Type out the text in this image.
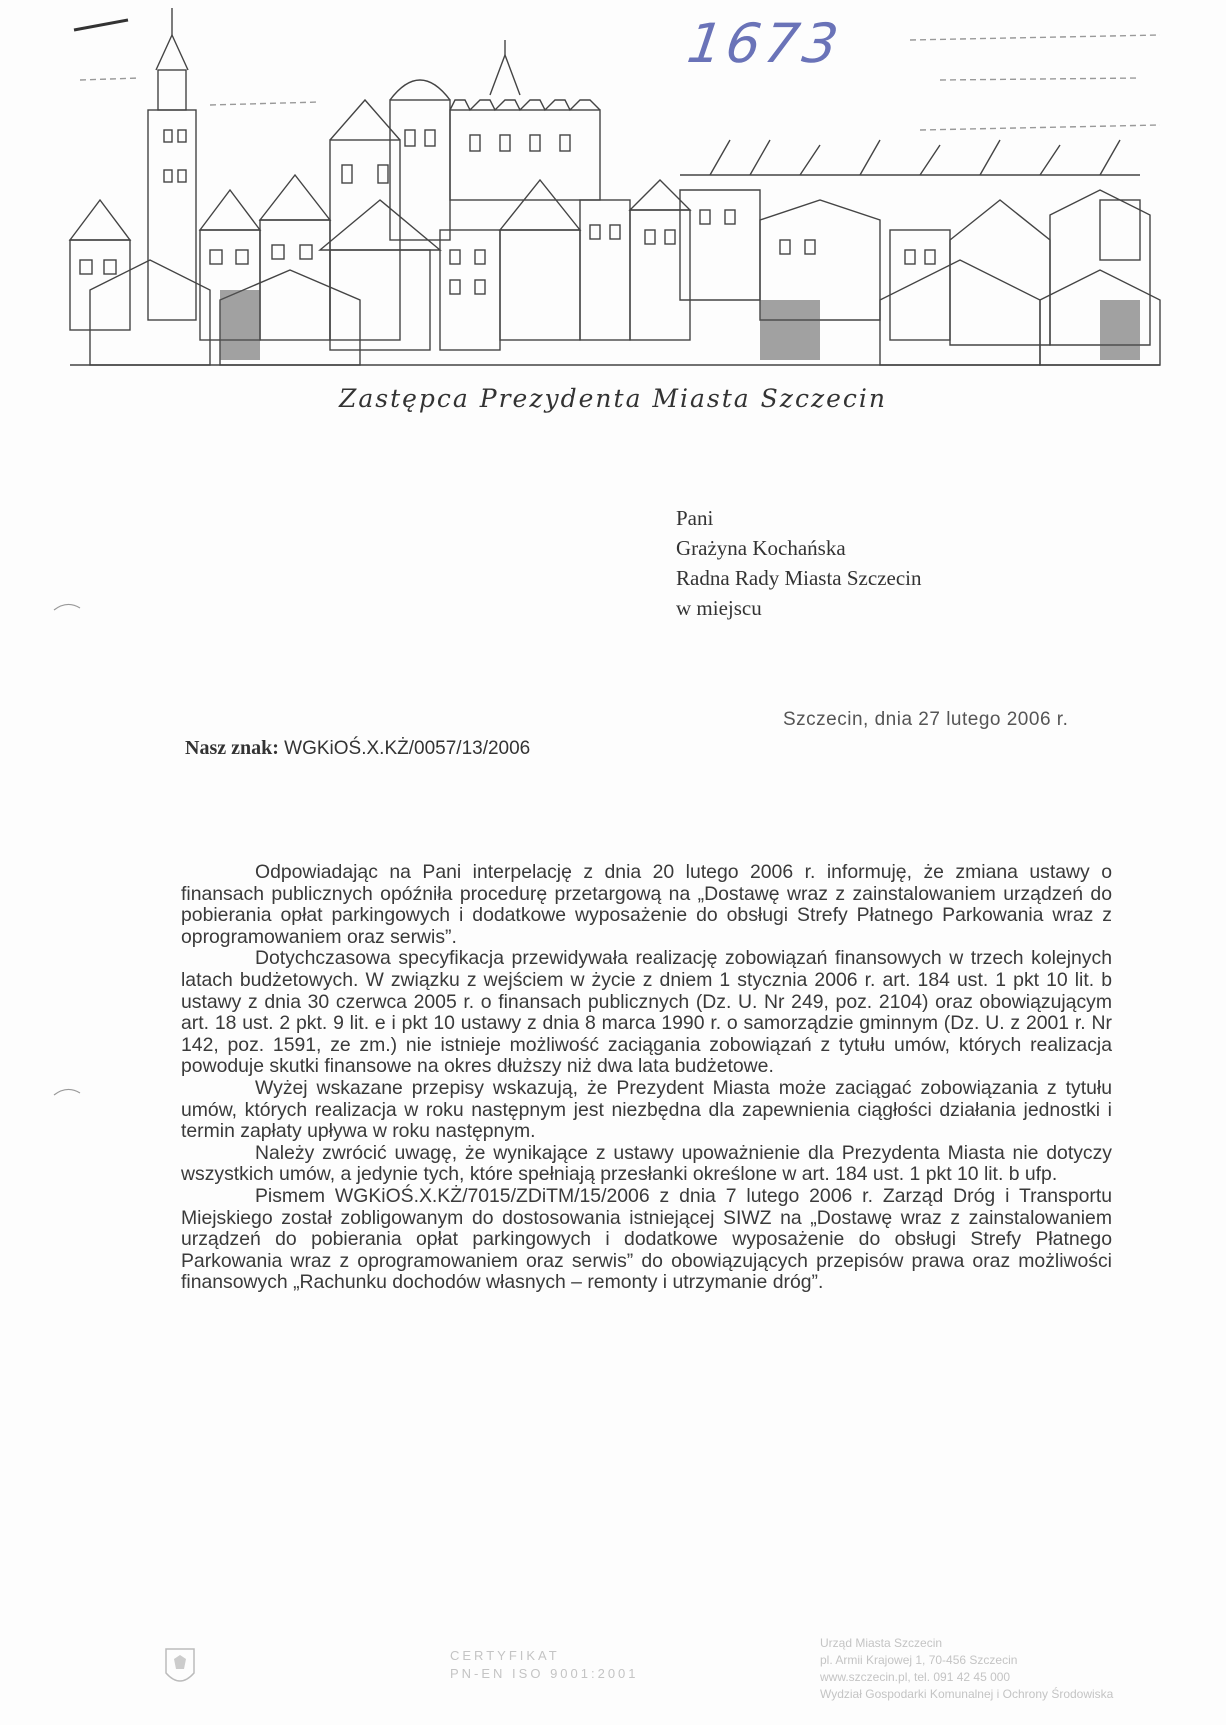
1673
Zastępca Prezydenta Miasta Szczecin
Pani
Grażyna Kochańska
Radna Rady Miasta Szczecin
w miejscu
Szczecin, dnia 27 lutego 2006 r.
Nasz znak: WGKiOŚ.X.KŻ/0057/13/2006

Odpowiadając na Pani interpelację z dnia 20 lutego 2006 r. informuję, że zmiana ustawy o finansach publicznych opóźniła procedurę przetargową na „Dostawę wraz z zainstalowaniem urządzeń do pobierania opłat parkingowych i dodatkowe wyposażenie do obsługi Strefy Płatnego Parkowania wraz z oprogramowaniem oraz serwis”.

Dotychczasowa specyfikacja przewidywała realizację zobowiązań finansowych w trzech kolejnych latach budżetowych. W związku z wejściem w życie z dniem 1 stycznia 2006 r. art. 184 ust. 1 pkt 10 lit. b ustawy z dnia 30 czerwca 2005 r. o finansach publicznych (Dz. U. Nr 249, poz. 2104) oraz obowiązującym art. 18 ust. 2 pkt. 9 lit. e i pkt 10 ustawy z dnia 8 marca 1990 r. o samorządzie gminnym (Dz. U. z 2001 r. Nr 142, poz. 1591, ze zm.) nie istnieje możliwość zaciągania zobowiązań z tytułu umów, których realizacja powoduje skutki finansowe na okres dłuższy niż dwa lata budżetowe.

Wyżej wskazane przepisy wskazują, że Prezydent Miasta może zaciągać zobowiązania z tytułu umów, których realizacja w roku następnym jest niezbędna dla zapewnienia ciągłości działania jednostki i termin zapłaty upływa w roku następnym.

Należy zwrócić uwagę, że wynikające z ustawy upoważnienie dla Prezydenta Miasta nie dotyczy wszystkich umów, a jedynie tych, które spełniają przesłanki określone w art. 184 ust. 1 pkt 10 lit. b ufp.

Pismem WGKiOŚ.X.KŻ/7015/ZDiTM/15/2006 z dnia 7 lutego 2006 r. Zarząd Dróg i Transportu Miejskiego został zobligowanym do dostosowania istniejącej SIWZ na „Dostawę wraz z zainstalowaniem urządzeń do pobierania opłat parkingowych i dodatkowe wyposażenie do obsługi Strefy Płatnego Parkowania wraz z oprogramowaniem oraz serwis” do obowiązujących przepisów prawa oraz możliwości finansowych „Rachunku dochodów własnych – remonty i utrzymanie dróg”.

CERTYFIKAT
PN-EN ISO 9001:2001
Urząd Miasta Szczecin
pl. Armii Krajowej 1, 70-456 Szczecin
www.szczecin.pl, tel. 091 42 45 000
Wydział Gospodarki Komunalnej i Ochrony Środowiska
